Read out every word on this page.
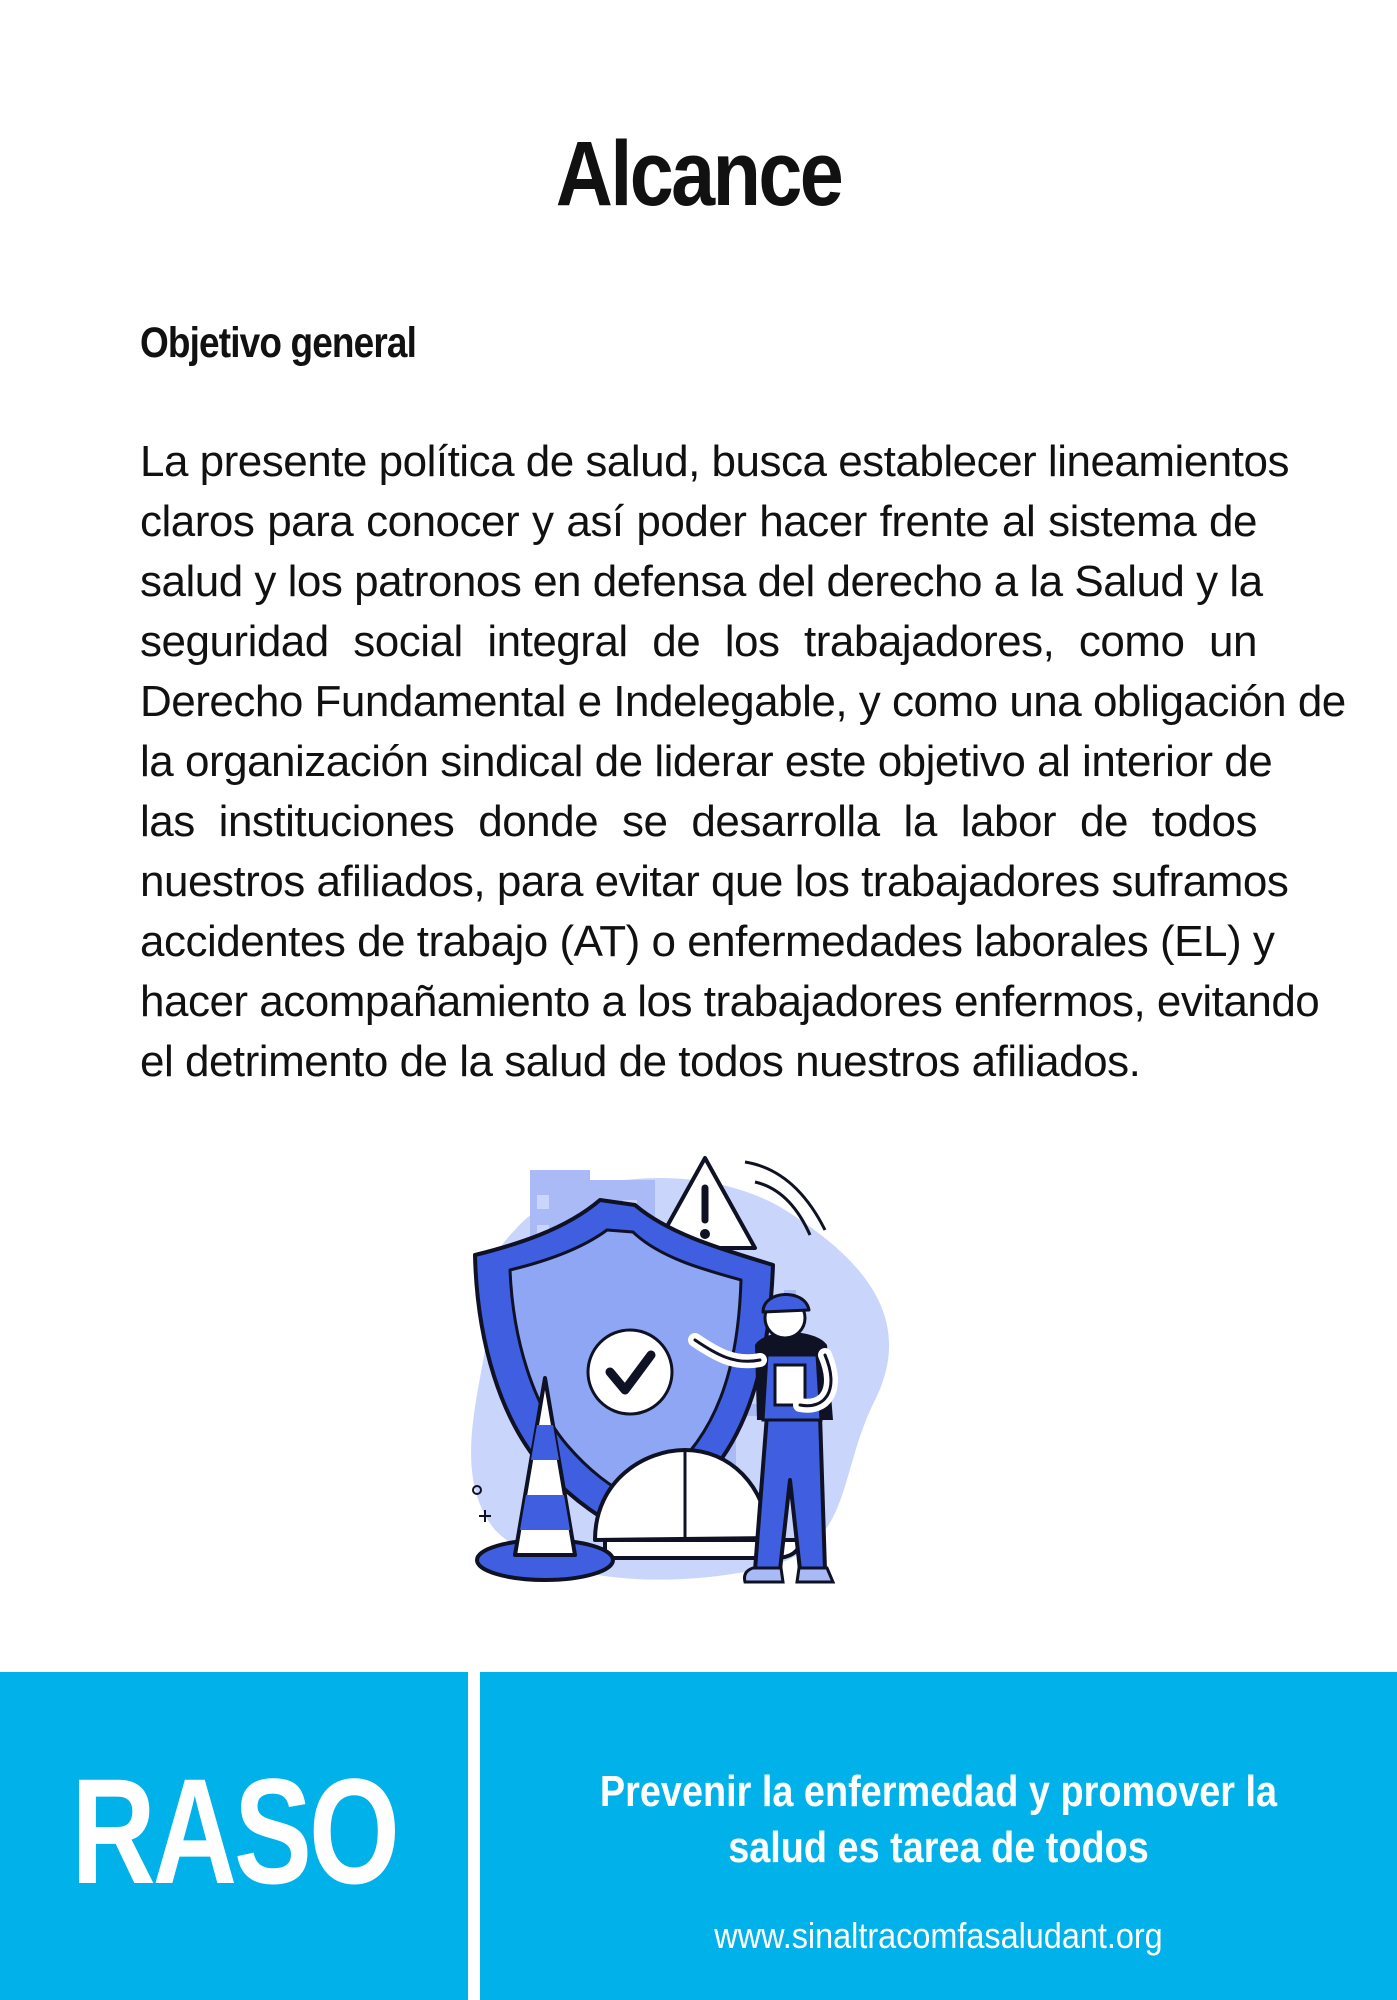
Alcance
Objetivo general
La presente política de salud, busca establecer lineamientos
claros para conocer y así poder hacer frente al sistema de
salud y los patronos en defensa del derecho a la Salud y la
seguridad social integral de los trabajadores, como un
Derecho Fundamental e Indelegable, y como una obligación de
la organización sindical de liderar este objetivo al interior de
las instituciones donde se desarrolla la labor de todos
nuestros afiliados, para evitar que los trabajadores suframos
accidentes de trabajo (AT) o enfermedades laborales (EL) y
hacer acompañamiento a los trabajadores enfermos, evitando
el detrimento de la salud de todos nuestros afiliados.
RASO	Prevenir la enfermedad y promover la
salud es tarea de todos
www.sinaltracomfasaludant.org
